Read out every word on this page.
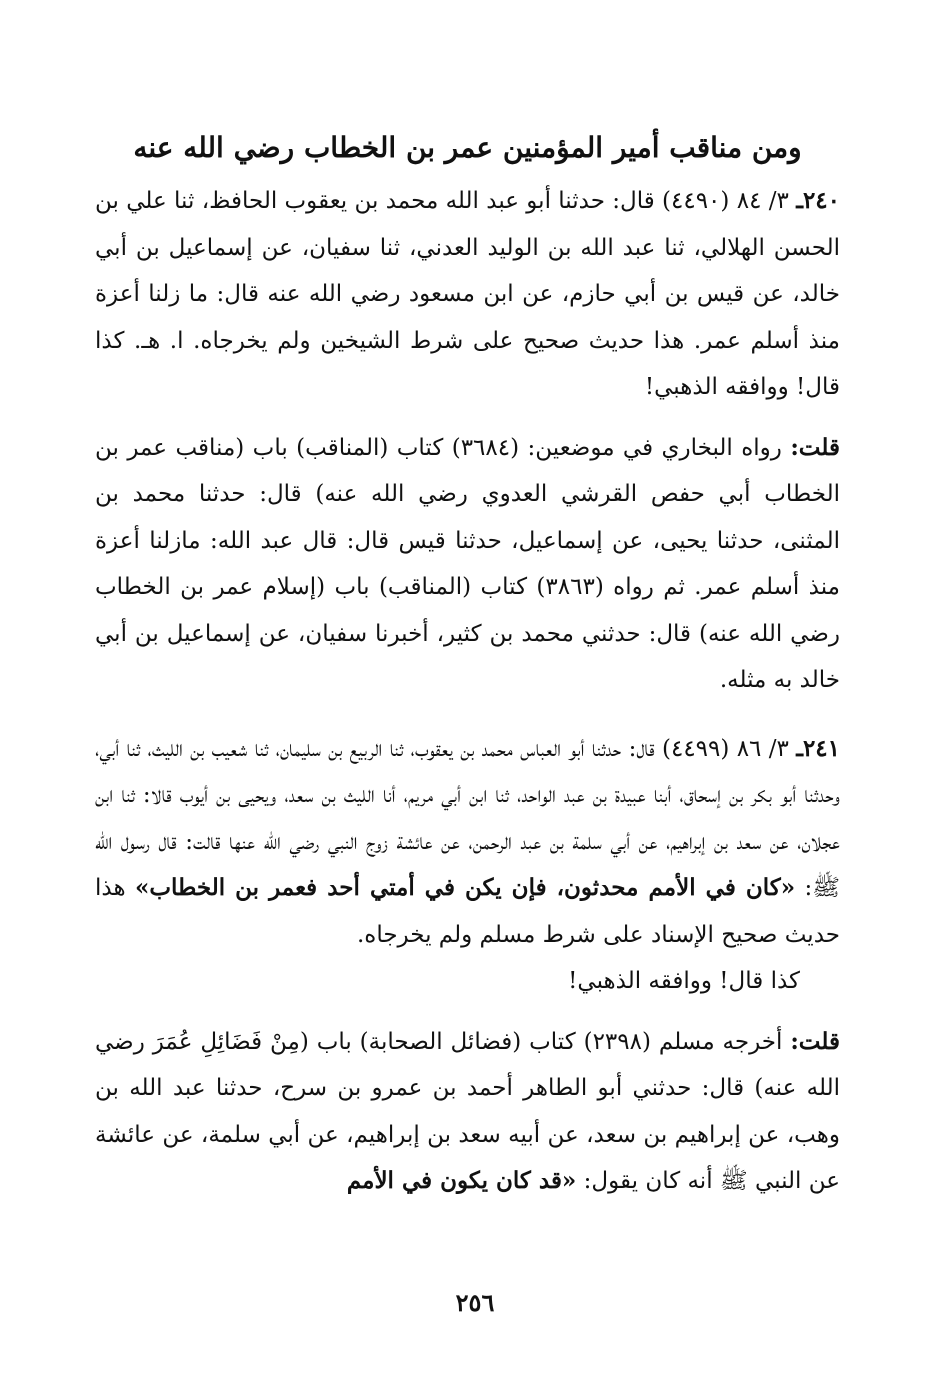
ومن مناقب أمير المؤمنين عمر بن الخطاب رضي الله عنه

٢٤٠ـ ٣/ ٨٤ (٤٤٩٠) قال: حدثنا أبو عبد الله محمد بن يعقوب الحافظ، ثنا علي بن الحسن الهلالي، ثنا عبد الله بن الوليد العدني، ثنا سفيان، عن إسماعيل بن أبي خالد، عن قيس بن أبي حازم، عن ابن مسعود رضي الله عنه قال: ما زلنا أعزة منذ أسلم عمر. هذا حديث صحيح على شرط الشيخين ولم يخرجاه. ا. هـ. كذا قال! ووافقه الذهبي!

قلت: رواه البخاري في موضعين: (٣٦٨٤) كتاب (المناقب) باب (مناقب عمر بن الخطاب أبي حفص القرشي العدوي رضي الله عنه) قال: حدثنا محمد بن المثنى، حدثنا يحيى، عن إسماعيل، حدثنا قيس قال: قال عبد الله: مازلنا أعزة منذ أسلم عمر. ثم رواه (٣٨٦٣) كتاب (المناقب) باب (إسلام عمر بن الخطاب رضي الله عنه) قال: حدثني محمد بن كثير، أخبرنا سفيان، عن إسماعيل بن أبي خالد به مثله.

٢٤١ـ ٣/ ٨٦ (٤٤٩٩) قال: حدثنا أبو العباس محمد بن يعقوب، ثنا الربيع بن سليمان، ثنا شعيب بن الليث، ثنا أبي، وحدثنا أبو بكر بن إسحاق، أبنا عبيدة بن عبد الواحد، ثنا ابن أبي مريم، أنا الليث بن سعد، ويحيى بن أيوب قالا: ثنا ابن عجلان، عن سعد بن إبراهيم، عن أبي سلمة بن عبد الرحمن، عن عائشة زوج النبي رضي الله عنها قالت: قال رسول الله ﷺ: «كان في الأمم محدثون، فإن يكن في أمتي أحد فعمر بن الخطاب» هذا حديث صحيح الإسناد على شرط مسلم ولم يخرجاه.

كذا قال! ووافقه الذهبي!

قلت: أخرجه مسلم (٢٣٩٨) كتاب (فضائل الصحابة) باب (مِنْ فَضَائِلِ عُمَرَ رضي الله عنه) قال: حدثني أبو الطاهر أحمد بن عمرو بن سرح، حدثنا عبد الله بن وهب، عن إبراهيم بن سعد، عن أبيه سعد بن إبراهيم، عن أبي سلمة، عن عائشة عن النبي ﷺ أنه كان يقول: «قد كان يكون في الأمم

٢٥٦
